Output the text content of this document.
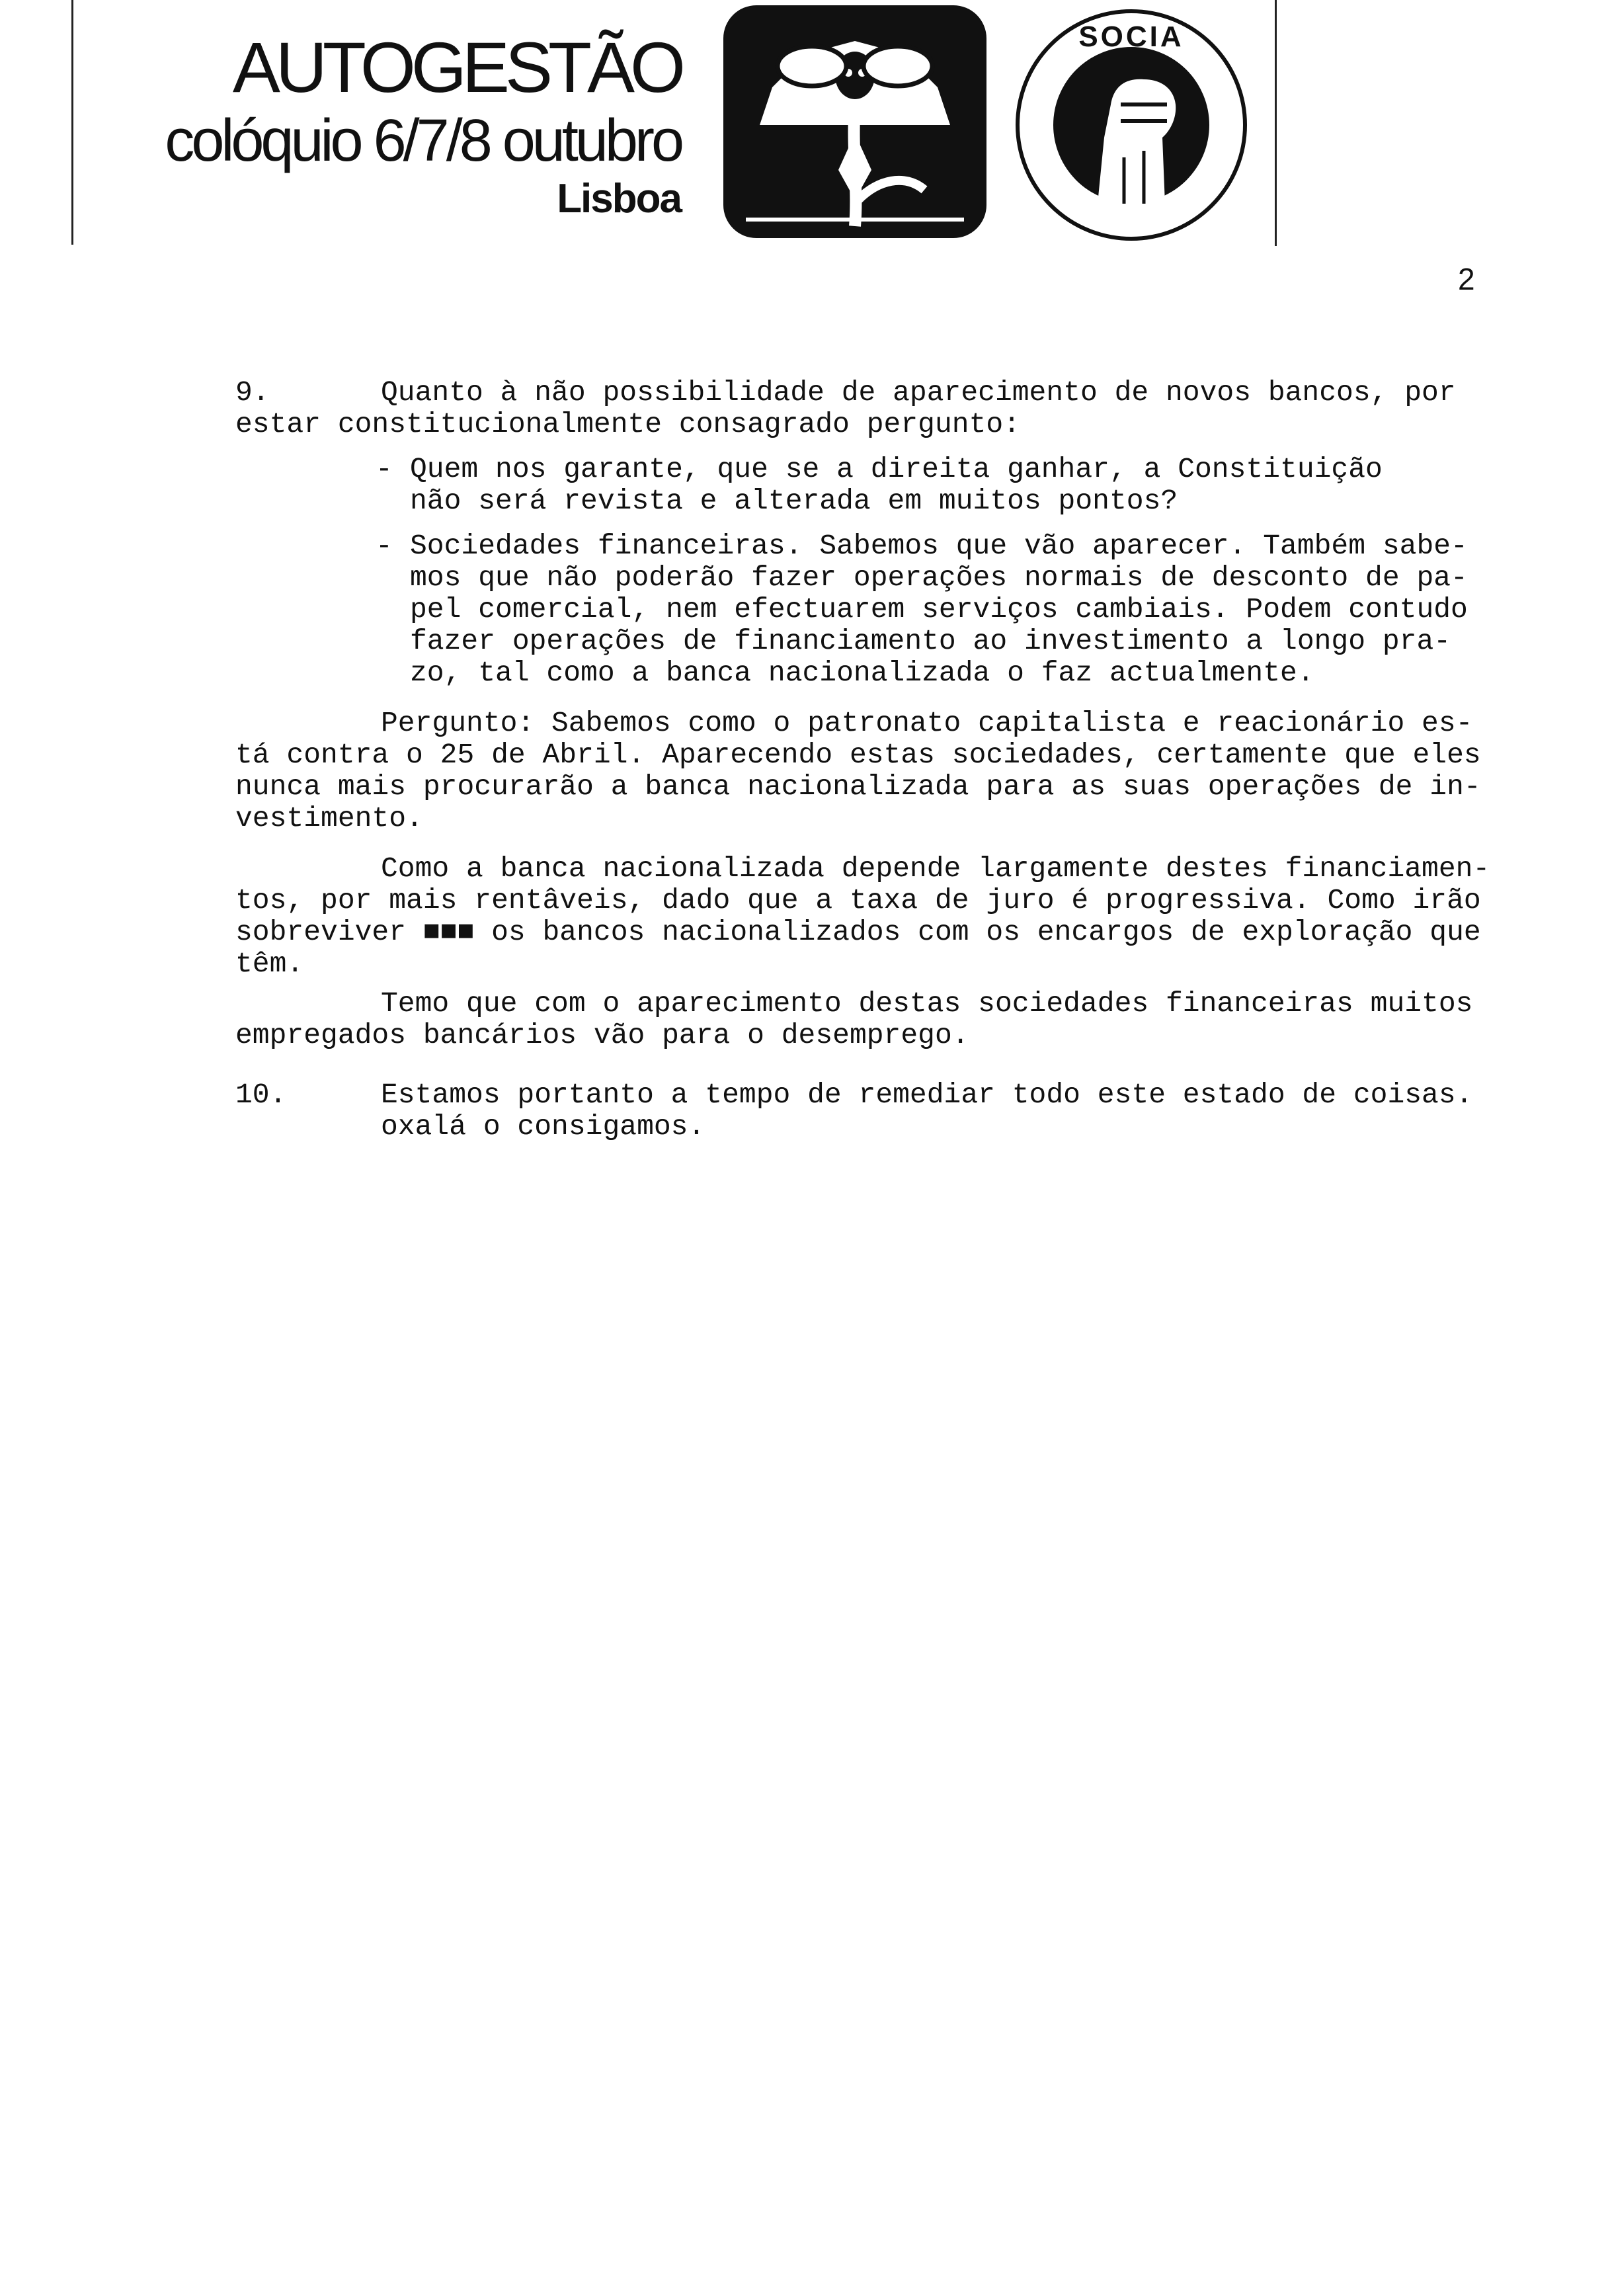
AUTOGESTÃO
colóquio 6/7/8 outubro
Lisboa
SOCIA
2
9.	Quanto à não possibilidade de aparecimento de novos bancos, por
estar constitucionalmente consagrado pergunto:
- Quem nos garante, que se a direita ganhar, a Constituição
não será revista e alterada em muitos pontos?
- Sociedades financeiras. Sabemos que vão aparecer. Também sabe-
mos que não poderão fazer operações normais de desconto de pa-
pel comercial, nem efectuarem serviços cambiais. Podem contudo
fazer operações de financiamento ao investimento a longo pra-
zo, tal como a banca nacionalizada o faz actualmente.
Pergunto: Sabemos como o patronato capitalista e reacionário es-
tá contra o 25 de Abril. Aparecendo estas sociedades, certamente que eles
nunca mais procurarão a banca nacionalizada para as suas operações de in-
vestimento.
Como a banca nacionalizada depende largamente destes financiamen-
tos, por mais rentâveis, dado que a taxa de juro é progressiva. Como irão
sobreviver ■■■ os bancos nacionalizados com os encargos de exploração que
têm.
Temo que com o aparecimento destas sociedades financeiras muitos
empregados bancários vão para o desemprego.
10.	Estamos portanto a tempo de remediar todo este estado de coisas.
oxalá o consigamos.
